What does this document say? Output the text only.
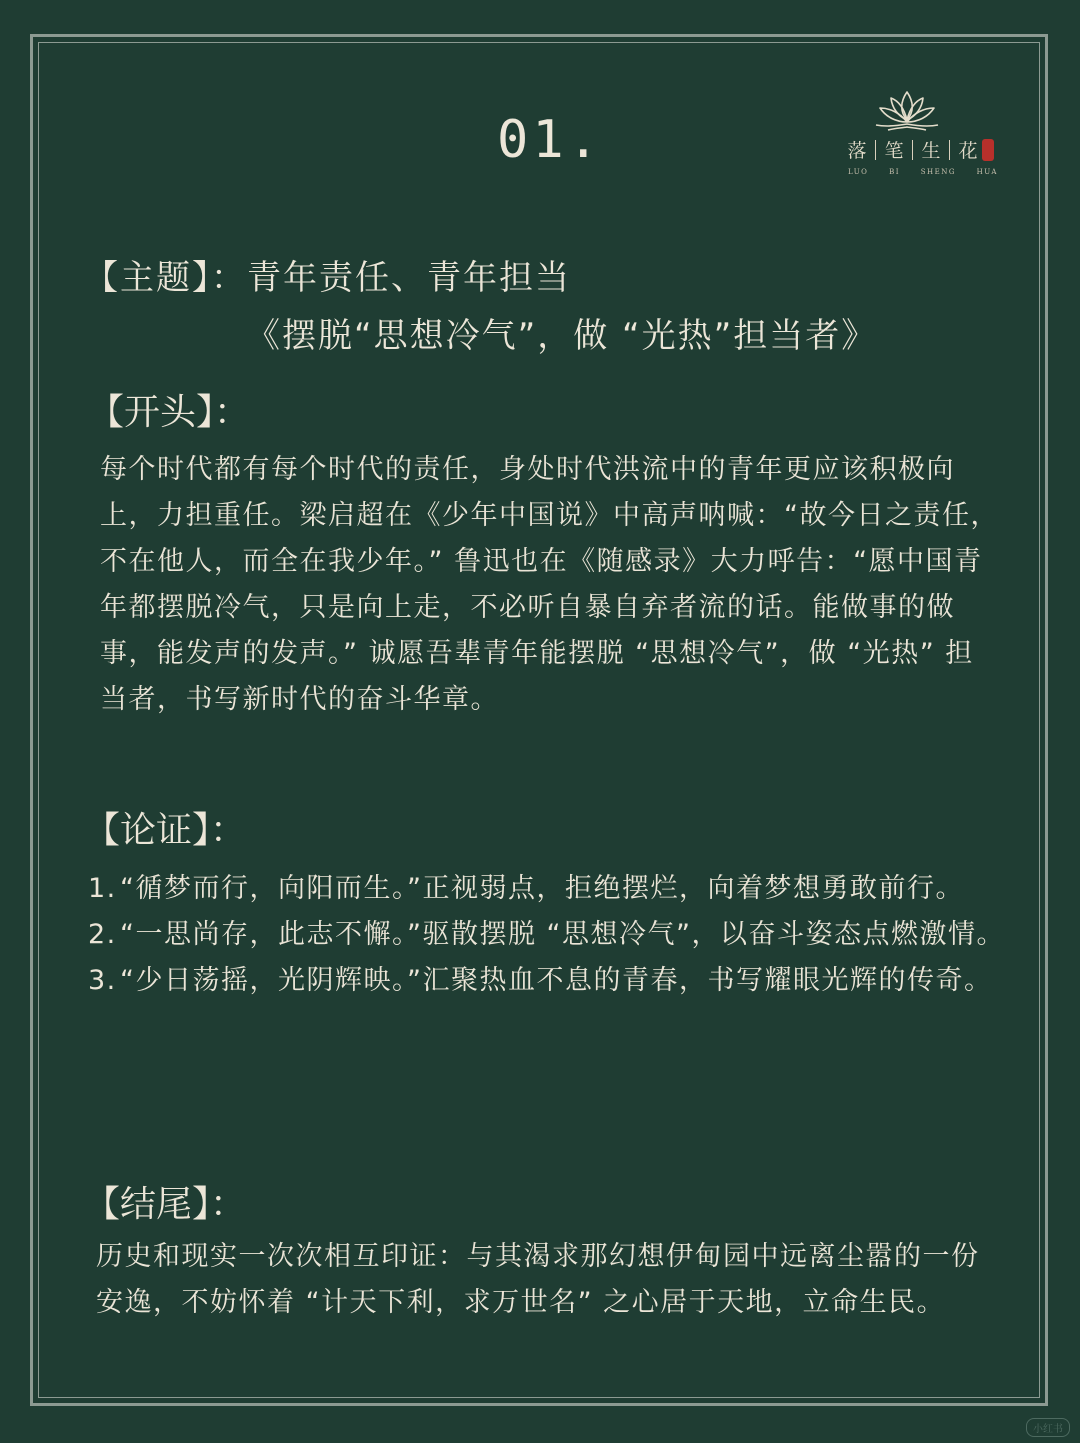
01.	落 笔 生 花
LUO	BI	SHENG	HUA
【主题】：青年责任、青年担当
《摆脱“思想冷气”，做 “光热”担当者》
【开头】：
每个时代都有每个时代的责任，身处时代洪流中的青年更应该积极向上，力担重任。梁启超在《少年中国说》中高声呐喊：“故今日之责任，不在他人，而全在我少年。” 鲁迅也在《随感录》大力呼告：“愿中国青年都摆脱冷气，只是向上走，不必听自暴自弃者流的话。能做事的做事，能发声的发声。” 诚愿吾辈青年能摆脱 “思想冷气”，做 “光热” 担当者，书写新时代的奋斗华章。
【论证】：
1. “循梦而行，向阳而生。”正视弱点，拒绝摆烂，向着梦想勇敢前行。
2. “一思尚存，此志不懈。”驱散摆脱 “思想冷气”，以奋斗姿态点燃激情。
3. “少日荡摇，光阴辉映。”汇聚热血不息的青春，书写耀眼光辉的传奇。
【结尾】：
历史和现实一次次相互印证：与其渴求那幻想伊甸园中远离尘嚣的一份安逸，不妨怀着 “计天下利，求万世名” 之心居于天地，立命生民。
小红书
